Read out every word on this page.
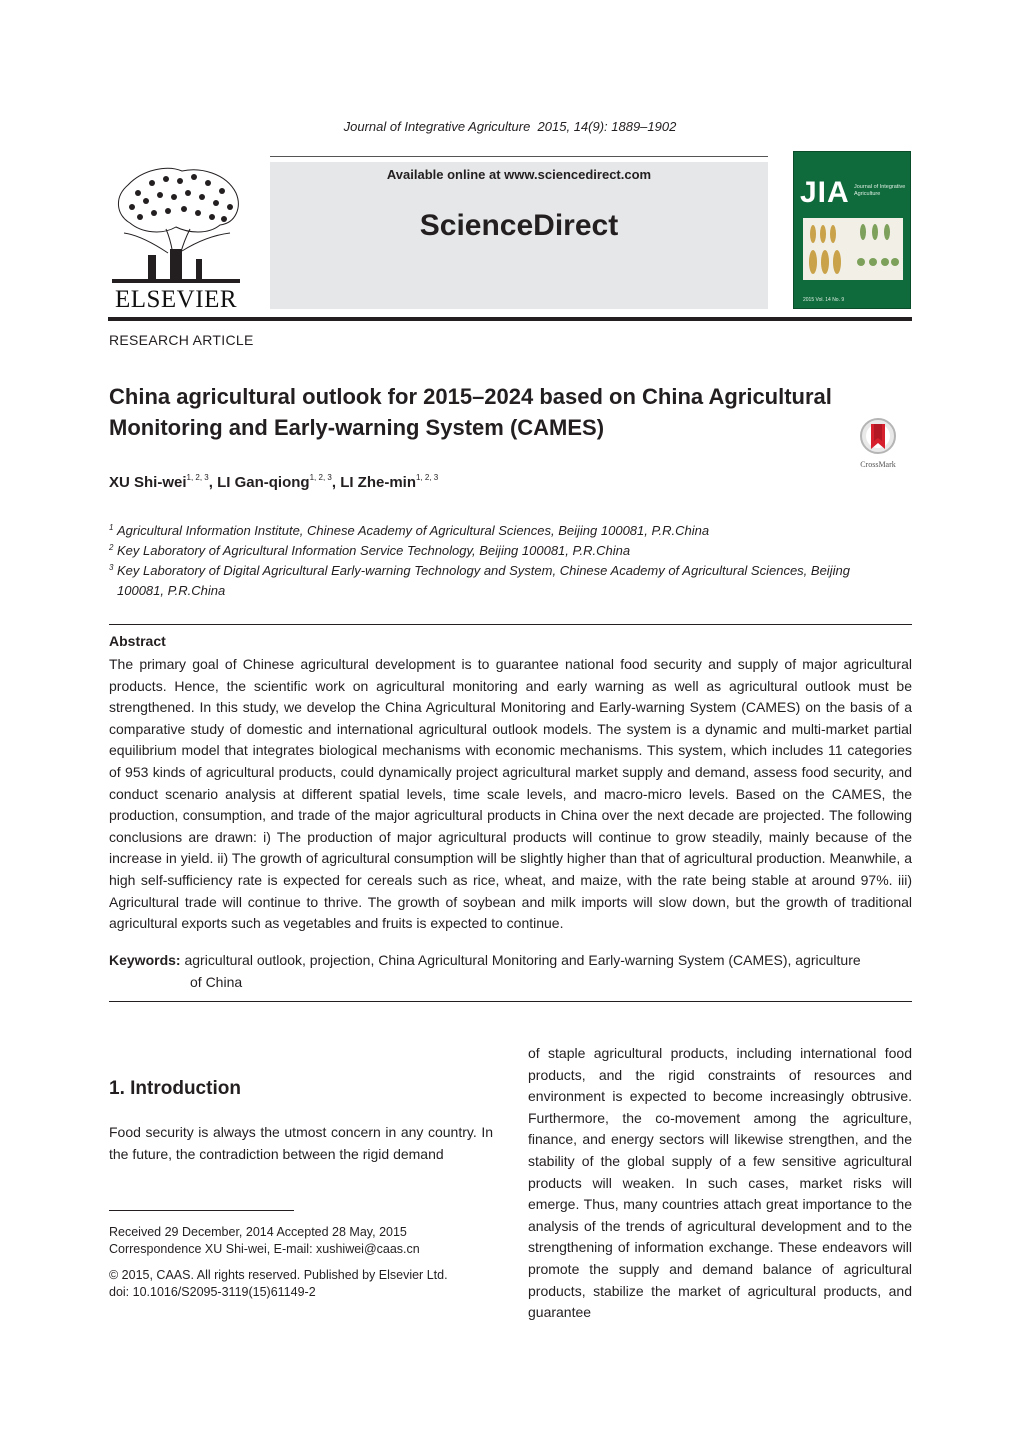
Journal of Integrative Agriculture 2015, 14(9): 1889–1902
ELSEVIER
Available online at www.sciencedirect.com
ScienceDirect
JIA Journal of Integrative Agriculture
2015 Vol. 14 No. 9
RESEARCH ARTICLE
China agricultural outlook for 2015–2024 based on China Agricultural Monitoring and Early-warning System (CAMES)
CrossMark
XU Shi-wei$^{1, 2, 3}$, LI Gan-qiong$^{1, 2, 3}$, LI Zhe-$\min^{1, 2, 3}$
1 Agricultural Information Institute, Chinese Academy of Agricultural Sciences, Beijing 100081, P.R.China
2 Key Laboratory of Agricultural Information Service Technology, Beijing 100081, P.R.China
3 Key Laboratory of Digital Agricultural Early-warning Technology and System, Chinese Academy of Agricultural Sciences, Beijing
100081, P.R.China
Abstract
The primary goal of Chinese agricultural development is to guarantee national food security and supply of major agricultural products. Hence, the scientific work on agricultural monitoring and early warning as well as agricultural outlook must be strengthened. In this study, we develop the China Agricultural Monitoring and Early-warning System (CAMES) on the basis of a comparative study of domestic and international agricultural outlook models. The system is a dynamic and multi-market partial equilibrium model that integrates biological mechanisms with economic mechanisms. This system, which includes 11 categories of 953 kinds of agricultural products, could dynamically project agricultural market supply and demand, assess food security, and conduct scenario analysis at different spatial levels, time scale levels, and macro-micro levels. Based on the CAMES, the production, consumption, and trade of the major agricultural products in China over the next decade are projected. The following conclusions are drawn: i) The production of major agricultural products will continue to grow steadily, mainly because of the increase in yield. ii) The growth of agricultural consumption will be slightly higher than that of agricultural production. Meanwhile, a high self-sufficiency rate is expected for cereals such as rice, wheat, and maize, with the rate being stable at around 97%. iii) Agricultural trade will continue to thrive. The growth of soybean and milk imports will slow down, but the growth of traditional agricultural exports such as vegetables and fruits is expected to continue.
Keywords: agricultural outlook, projection, China Agricultural Monitoring and Early-warning System (CAMES), agriculture
of China
1. Introduction
Food security is always the utmost concern in any country. In the future, the contradiction between the rigid demand
Received 29 December, 2014 Accepted 28 May, 2015
Correspondence XU Shi-wei, E-mail: xushiwei@caas.cn
© 2015, CAAS. All rights reserved. Published by Elsevier Ltd.
doi: 10.1016/S2095-3119(15)61149-2
of staple agricultural products, including international food products, and the rigid constraints of resources and environment is expected to become increasingly obtrusive. Furthermore, the co-movement among the agriculture, finance, and energy sectors will likewise strengthen, and the stability of the global supply of a few sensitive agricultural products will weaken. In such cases, market risks will emerge. Thus, many countries attach great importance to the analysis of the trends of agricultural development and to the strengthening of information exchange. These endeavors will promote the supply and demand balance of agricultural products, stabilize the market of agricultural products, and guarantee
